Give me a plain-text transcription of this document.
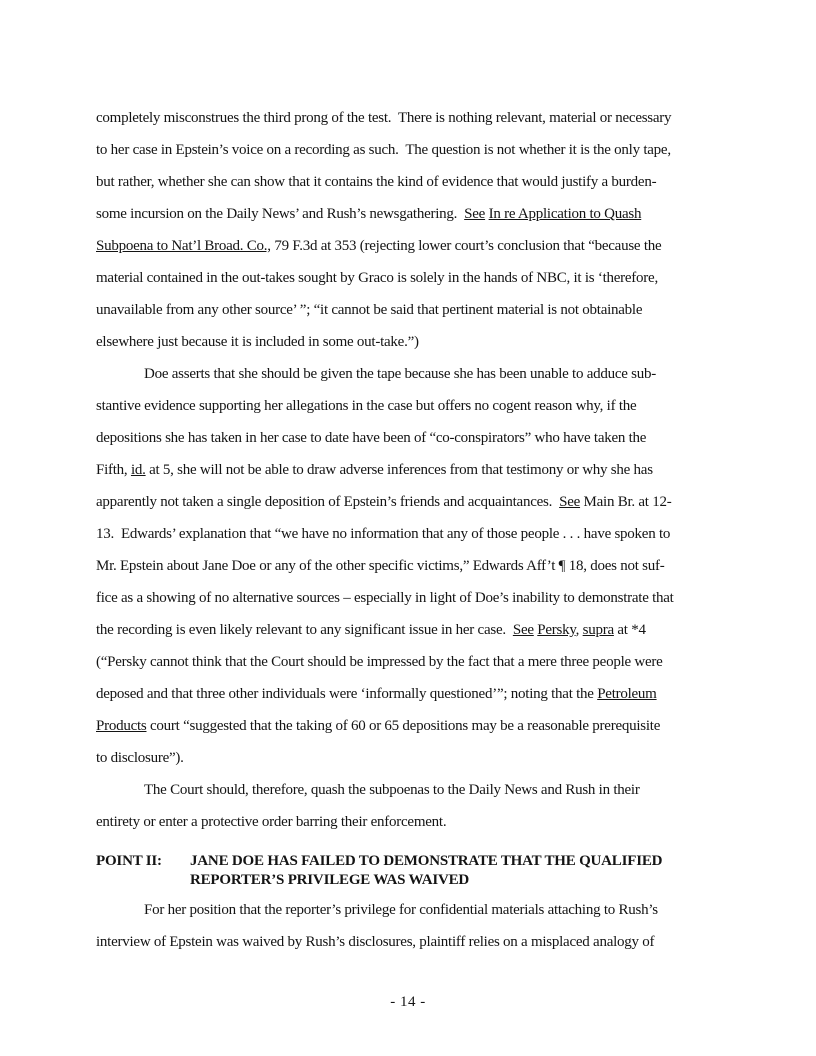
completely misconstrues the third prong of the test.  There is nothing relevant, material or necessary
to her case in Epstein’s voice on a recording as such.  The question is not whether it is the only tape,
but rather, whether she can show that it contains the kind of evidence that would justify a burden-
some incursion on the Daily News’ and Rush’s newsgathering.  See In re Application to Quash
Subpoena to Nat’l Broad. Co., 79 F.3d at 353 (rejecting lower court’s conclusion that “because the
material contained in the out-takes sought by Graco is solely in the hands of NBC, it is ‘therefore,
unavailable from any other source’ ”; “it cannot be said that pertinent material is not obtainable
elsewhere just because it is included in some out-take.”)
Doe asserts that she should be given the tape because she has been unable to adduce sub-
stantive evidence supporting her allegations in the case but offers no cogent reason why, if the
depositions she has taken in her case to date have been of “co-conspirators” who have taken the
Fifth, id. at 5, she will not be able to draw adverse inferences from that testimony or why she has
apparently not taken a single deposition of Epstein’s friends and acquaintances.  See Main Br. at 12-
13.  Edwards’ explanation that “we have no information that any of those people . . . have spoken to
Mr. Epstein about Jane Doe or any of the other specific victims,” Edwards Aff’t ¶ 18, does not suf-
fice as a showing of no alternative sources – especially in light of Doe’s inability to demonstrate that
the recording is even likely relevant to any significant issue in her case.  See Persky, supra at *4
(“Persky cannot think that the Court should be impressed by the fact that a mere three people were
deposed and that three other individuals were ‘informally questioned’”; noting that the Petroleum
Products court “suggested that the taking of 60 or 65 depositions may be a reasonable prerequisite
to disclosure”).
The Court should, therefore, quash the subpoenas to the Daily News and Rush in their
entirety or enter a protective order barring their enforcement.
POINT II:	JANE DOE HAS FAILED TO DEMONSTRATE THAT THE QUALIFIED
REPORTER’S PRIVILEGE WAS WAIVED
For her position that the reporter’s privilege for confidential materials attaching to Rush’s
interview of Epstein was waived by Rush’s disclosures, plaintiff relies on a misplaced analogy of
- 14 -
